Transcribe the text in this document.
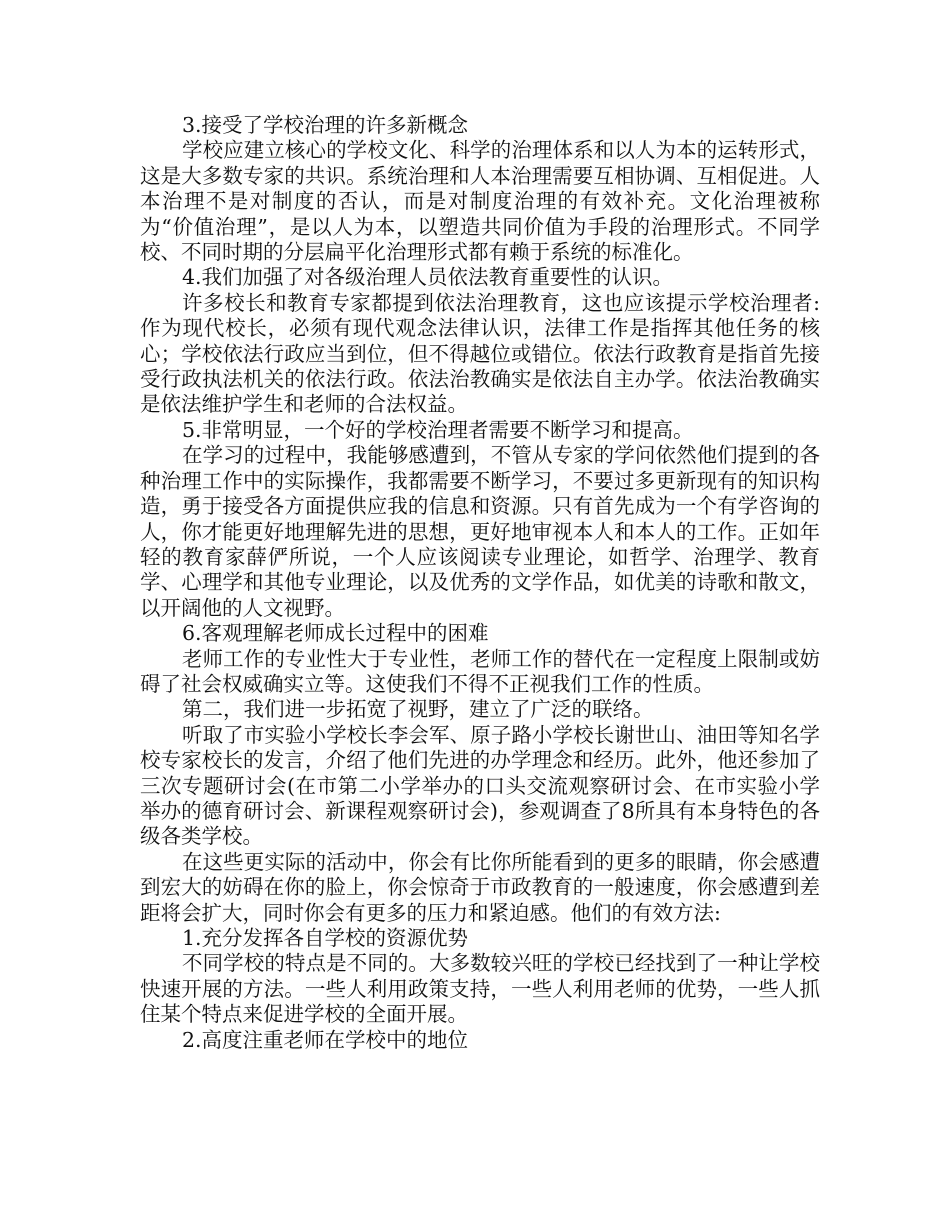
3.接受了学校治理的许多新概念

学校应建立核心的学校文化、科学的治理体系和以人为本的运转形式，这是大多数专家的共识。系统治理和人本治理需要互相协调、互相促进。人本治理不是对制度的否认，而是对制度治理的有效补充。文化治理被称为“价值治理”，是以人为本，以塑造共同价值为手段的治理形式。不同学校、不同时期的分层扁平化治理形式都有赖于系统的标准化。

4.我们加强了对各级治理人员依法教育重要性的认识。

许多校长和教育专家都提到依法治理教育，这也应该提示学校治理者:作为现代校长，必须有现代观念法律认识，法律工作是指挥其他任务的核心；学校依法行政应当到位，但不得越位或错位。依法行政教育是指首先接受行政执法机关的依法行政。依法治教确实是依法自主办学。依法治教确实是依法维护学生和老师的合法权益。

5.非常明显，一个好的学校治理者需要不断学习和提高。

在学习的过程中，我能够感遭到，不管从专家的学问依然他们提到的各种治理工作中的实际操作，我都需要不断学习，不要过多更新现有的知识构造，勇于接受各方面提供应我的信息和资源。只有首先成为一个有学咨询的人，你才能更好地理解先进的思想，更好地审视本人和本人的工作。正如年轻的教育家薛俨所说，一个人应该阅读专业理论，如哲学、治理学、教育学、心理学和其他专业理论，以及优秀的文学作品，如优美的诗歌和散文，以开阔他的人文视野。

6.客观理解老师成长过程中的困难

老师工作的专业性大于专业性，老师工作的替代在一定程度上限制或妨碍了社会权威确实立等。这使我们不得不正视我们工作的性质。

第二，我们进一步拓宽了视野，建立了广泛的联络。

听取了市实验小学校长李会军、原子路小学校长谢世山、油田等知名学校专家校长的发言，介绍了他们先进的办学理念和经历。此外，他还参加了三次专题研讨会(在市第二小学举办的口头交流观察研讨会、在市实验小学举办的德育研讨会、新课程观察研讨会)，参观调查了8所具有本身特色的各级各类学校。

在这些更实际的活动中，你会有比你所能看到的更多的眼睛，你会感遭到宏大的妨碍在你的脸上，你会惊奇于市政教育的一般速度，你会感遭到差距将会扩大，同时你会有更多的压力和紧迫感。他们的有效方法:

1.充分发挥各自学校的资源优势

不同学校的特点是不同的。大多数较兴旺的学校已经找到了一种让学校快速开展的方法。一些人利用政策支持，一些人利用老师的优势，一些人抓住某个特点来促进学校的全面开展。

2.高度注重老师在学校中的地位
